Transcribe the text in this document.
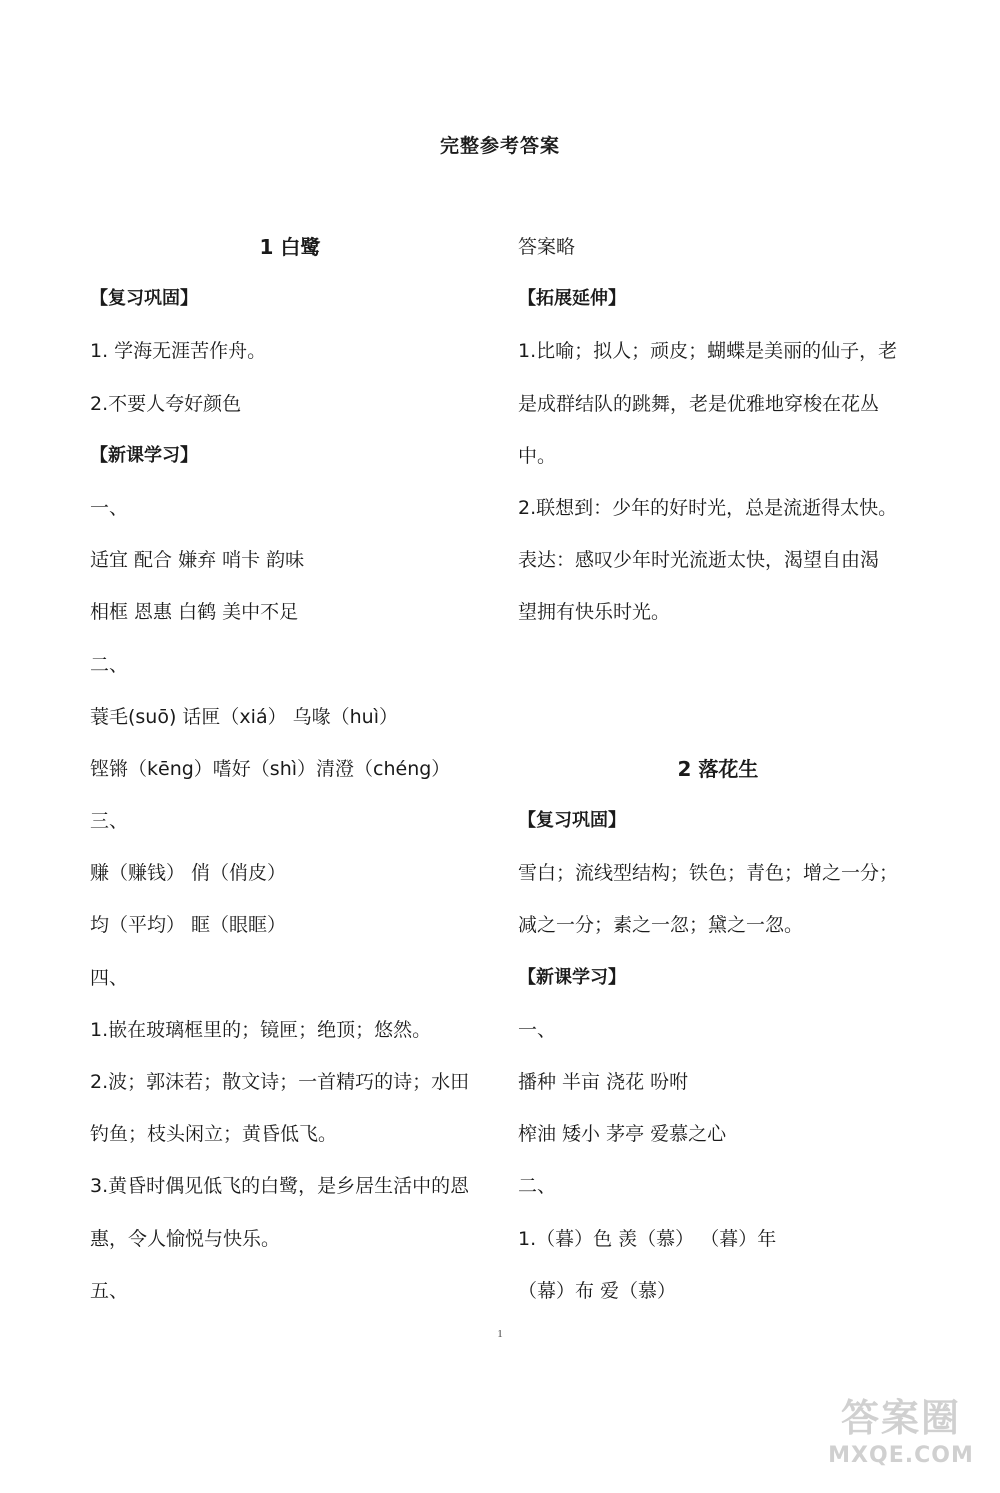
完整参考答案
1 白鹭
【复习巩固】
1. 学海无涯苦作舟。
2.不要人夸好颜色
【新课学习】
一、
适宜 配合 嫌弃 哨卡 韵味
相框 恩惠 白鹤 美中不足
二、
蓑毛(suō) 话匣（xiá） 乌喙（huì）
铿锵（kēng）嗜好（shì）清澄（chéng）
三、
赚（赚钱） 俏（俏皮）
均（平均） 眶（眼眶）
四、
1.嵌在玻璃框里的；镜匣；绝顶；悠然。
2.波；郭沫若；散文诗；一首精巧的诗；水田
钓鱼；枝头闲立；黄昏低飞。
3.黄昏时偶见低飞的白鹭，是乡居生活中的恩
惠，令人愉悦与快乐。
五、
答案略
【拓展延伸】
1.比喻；拟人；顽皮；蝴蝶是美丽的仙子，老
是成群结队的跳舞，老是优雅地穿梭在花丛
中。
2.联想到：少年的好时光，总是流逝得太快。
表达：感叹少年时光流逝太快，渴望自由渴
望拥有快乐时光。
2 落花生
【复习巩固】
雪白；流线型结构；铁色；青色；增之一分；
减之一分；素之一忽；黛之一忽。
【新课学习】
一、
播种 半亩 浇花 吩咐
榨油 矮小 茅亭 爱慕之心
二、
1.（暮）色 羡（慕） （暮）年
（幕）布 爱（慕）
1
答案圈
MXQE.COM
